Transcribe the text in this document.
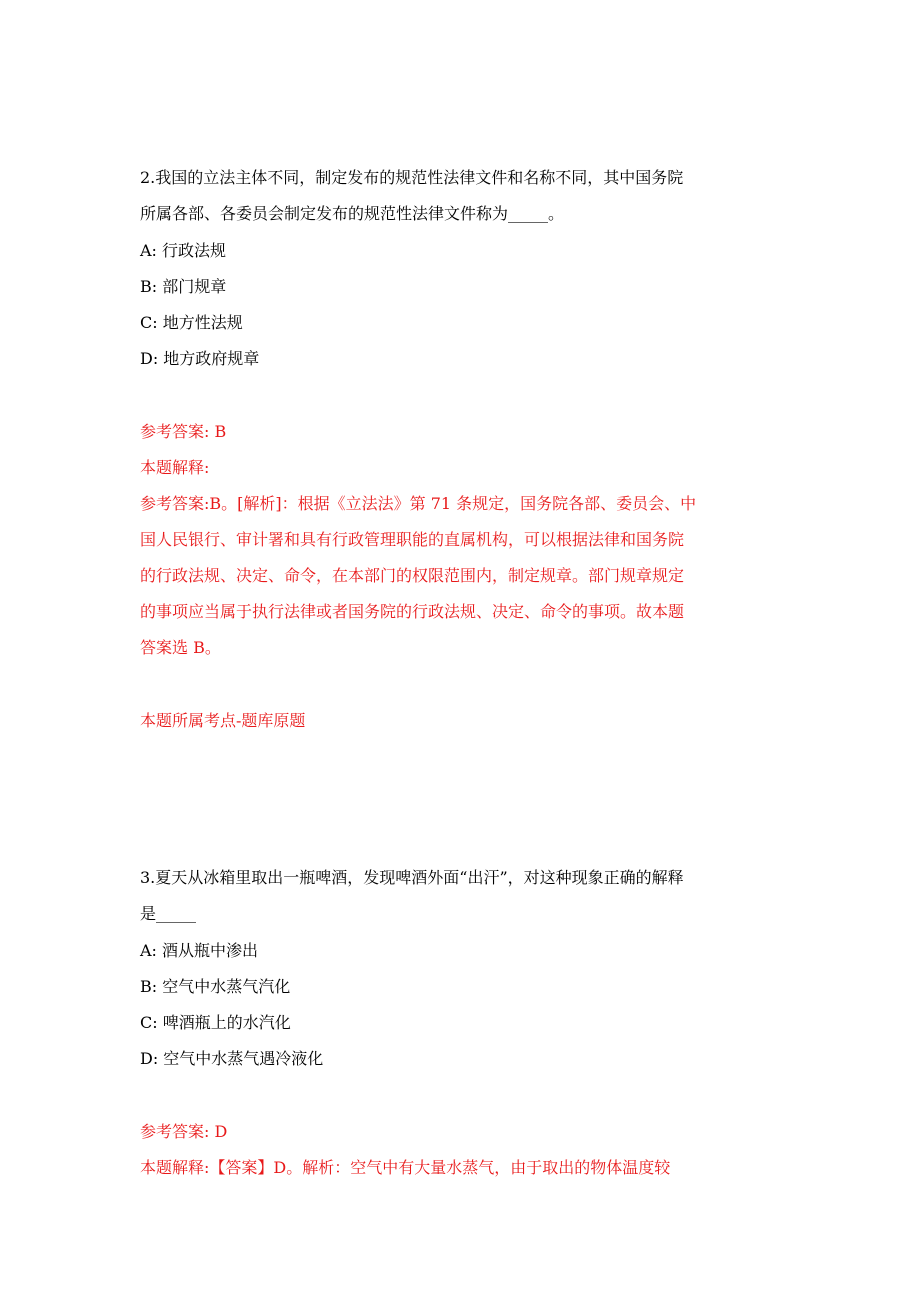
2.我国的立法主体不同，制定发布的规范性法律文件和名称不同，其中国务院

所属各部、各委员会制定发布的规范性法律文件称为_____。

A: 行政法规

B: 部门规章

C: 地方性法规

D: 地方政府规章

参考答案: B

本题解释:

参考答案:B。[解析]：根据《立法法》第 71 条规定，国务院各部、委员会、中

国人民银行、审计署和具有行政管理职能的直属机构，可以根据法律和国务院

的行政法规、决定、命令，在本部门的权限范围内，制定规章。部门规章规定

的事项应当属于执行法律或者国务院的行政法规、决定、命令的事项。故本题

答案选 B。

本题所属考点-题库原题

3.夏天从冰箱里取出一瓶啤酒，发现啤酒外面“出汗”，对这种现象正确的解释

是_____

A: 酒从瓶中渗出

B: 空气中水蒸气汽化

C: 啤酒瓶上的水汽化

D: 空气中水蒸气遇冷液化

参考答案: D

本题解释:【答案】D。解析：空气中有大量水蒸气，由于取出的物体温度较
